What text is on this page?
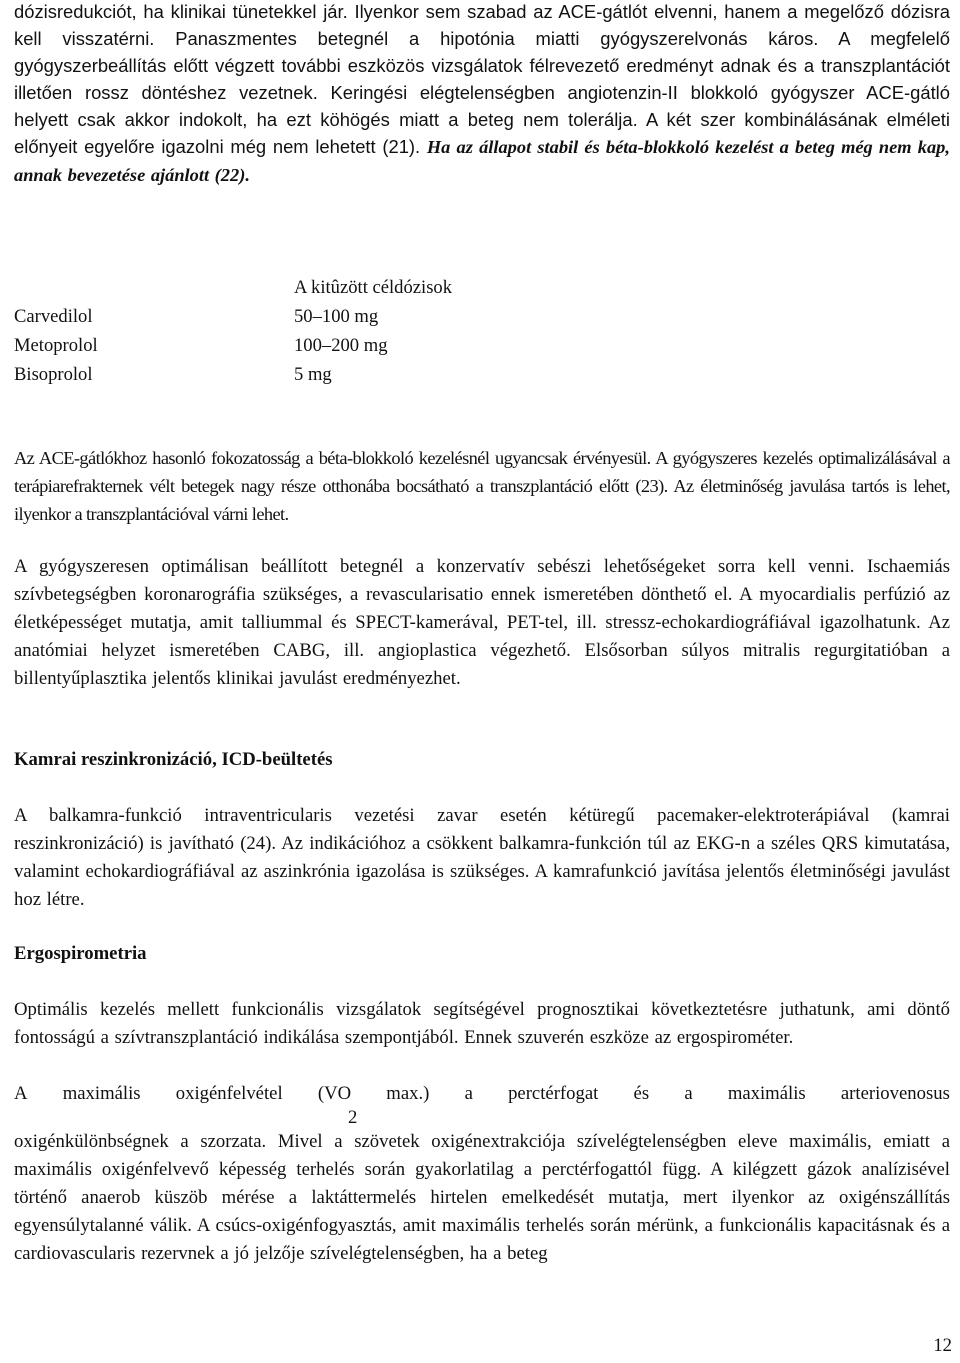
dózisredukciót, ha klinikai tünetekkel jár. Ilyenkor sem szabad az ACE-gátlót elvenni, hanem a megelőző dózisra kell visszatérni. Panaszmentes betegnél a hipotónia miatti gyógyszerelvonás káros. A megfelelő gyógyszerbeállítás előtt végzett további eszközös vizsgálatok félrevezető eredményt adnak és a transzplantációt illetően rossz döntéshez vezetnek. Keringési elégtelenségben angiotenzin-II blokkoló gyógyszer ACE-gátló helyett csak akkor indokolt, ha ezt köhögés miatt a beteg nem tolerálja. A két szer kombinálásának elméleti előnyeit egyelőre igazolni még nem lehetett (21). Ha az állapot stabil és béta-blokkoló kezelést a beteg még nem kap, annak bevezetése ajánlott (22).

A kitûzött céldózisok
Carvedilol	50–100 mg
Metoprolol	100–200 mg
Bisoprolol	5 mg

Az ACE-gátlókhoz hasonló fokozatosság a béta-blokkoló kezelésnél ugyancsak érvényesül. A gyógyszeres kezelés optimalizálásával a terápiarefrakternek vélt betegek nagy része otthonába bocsátható a transzplantáció előtt (23). Az életminőség javulása tartós is lehet, ilyenkor a transzplantációval várni lehet.

A gyógyszeresen optimálisan beállított betegnél a konzervatív sebészi lehetőségeket sorra kell venni. Ischaemiás szívbetegségben koronarográfia szükséges, a revascularisatio ennek ismeretében dönthető el. A myocardialis perfúzió az életképességet mutatja, amit talliummal és SPECT-kamerával, PET-tel, ill. stressz-echokardiográfiával igazolhatunk. Az anatómiai helyzet ismeretében CABG, ill. angioplastica végezhető. Elsősorban súlyos mitralis regurgitatióban a billentyűplasztika jelentős klinikai javulást eredményezhet.

Kamrai reszinkronizáció, ICD-beültetés

A balkamra-funkció intraventricularis vezetési zavar esetén kétüregű pacemaker-elektroterápiával (kamrai reszinkronizáció) is javítható (24). Az indikációhoz a csökkent balkamra-funkción túl az EKG-n a széles QRS kimutatása, valamint echokardiográfiával az aszinkrónia igazolása is szükséges. A kamrafunkció javítása jelentős életminőségi javulást hoz létre.

Ergospirometria

Optimális kezelés mellett funkcionális vizsgálatok segítségével prognosztikai következtetésre juthatunk, ami döntő fontosságú a szívtranszplantáció indikálása szempontjából. Ennek szuverén eszköze az ergospirométer.

A maximális oxigénfelvétel (VO max.) a perctérfogat és a maximális arteriovenosus
2

oxigénkülönbségnek a szorzata. Mivel a szövetek oxigénextrakciója szívelégtelenségben eleve maximális, emiatt a maximális oxigénfelvevő képesség terhelés során gyakorlatilag a perctérfogattól függ. A kilégzett gázok analízisével történő anaerob küszöb mérése a laktáttermelés hirtelen emelkedését mutatja, mert ilyenkor az oxigénszállítás egyensúlytalanné válik. A csúcs-oxigénfogyasztás, amit maximális terhelés során mérünk, a funkcionális kapacitásnak és a cardiovascularis rezervnek a jó jelzője szívelégtelenségben, ha a beteg

12
